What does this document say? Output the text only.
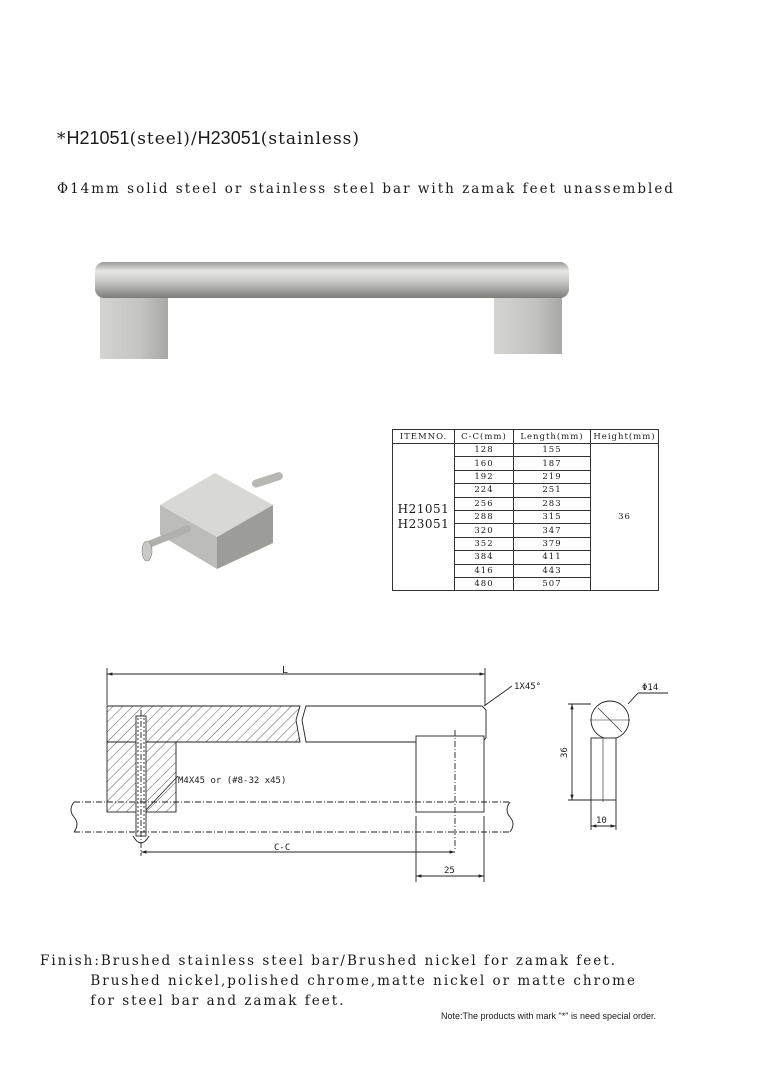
*H21051(steel)/H23051(stainless)
Φ14mm solid steel or stainless steel bar with zamak feet unassembled
ITEMNO.	C-C(mm)	Length(mm)	Height(mm)
H21051
H23051	128	155	36
	160	187	
	192	219	
	224	251	
	256	283	
	288	315	
	320	347	
	352	379	
	384	411	
	416	443	
	480	507	
L
1X45°
M4X45 or (#8-32 x45)
C-C
25
Φ14
36
10
Finish:Brushed stainless steel bar/Brushed nickel for zamak feet.
Brushed nickel,polished chrome,matte nickel or matte chrome
for steel bar and zamak feet.
Note:The products with mark "*" is need special order.
